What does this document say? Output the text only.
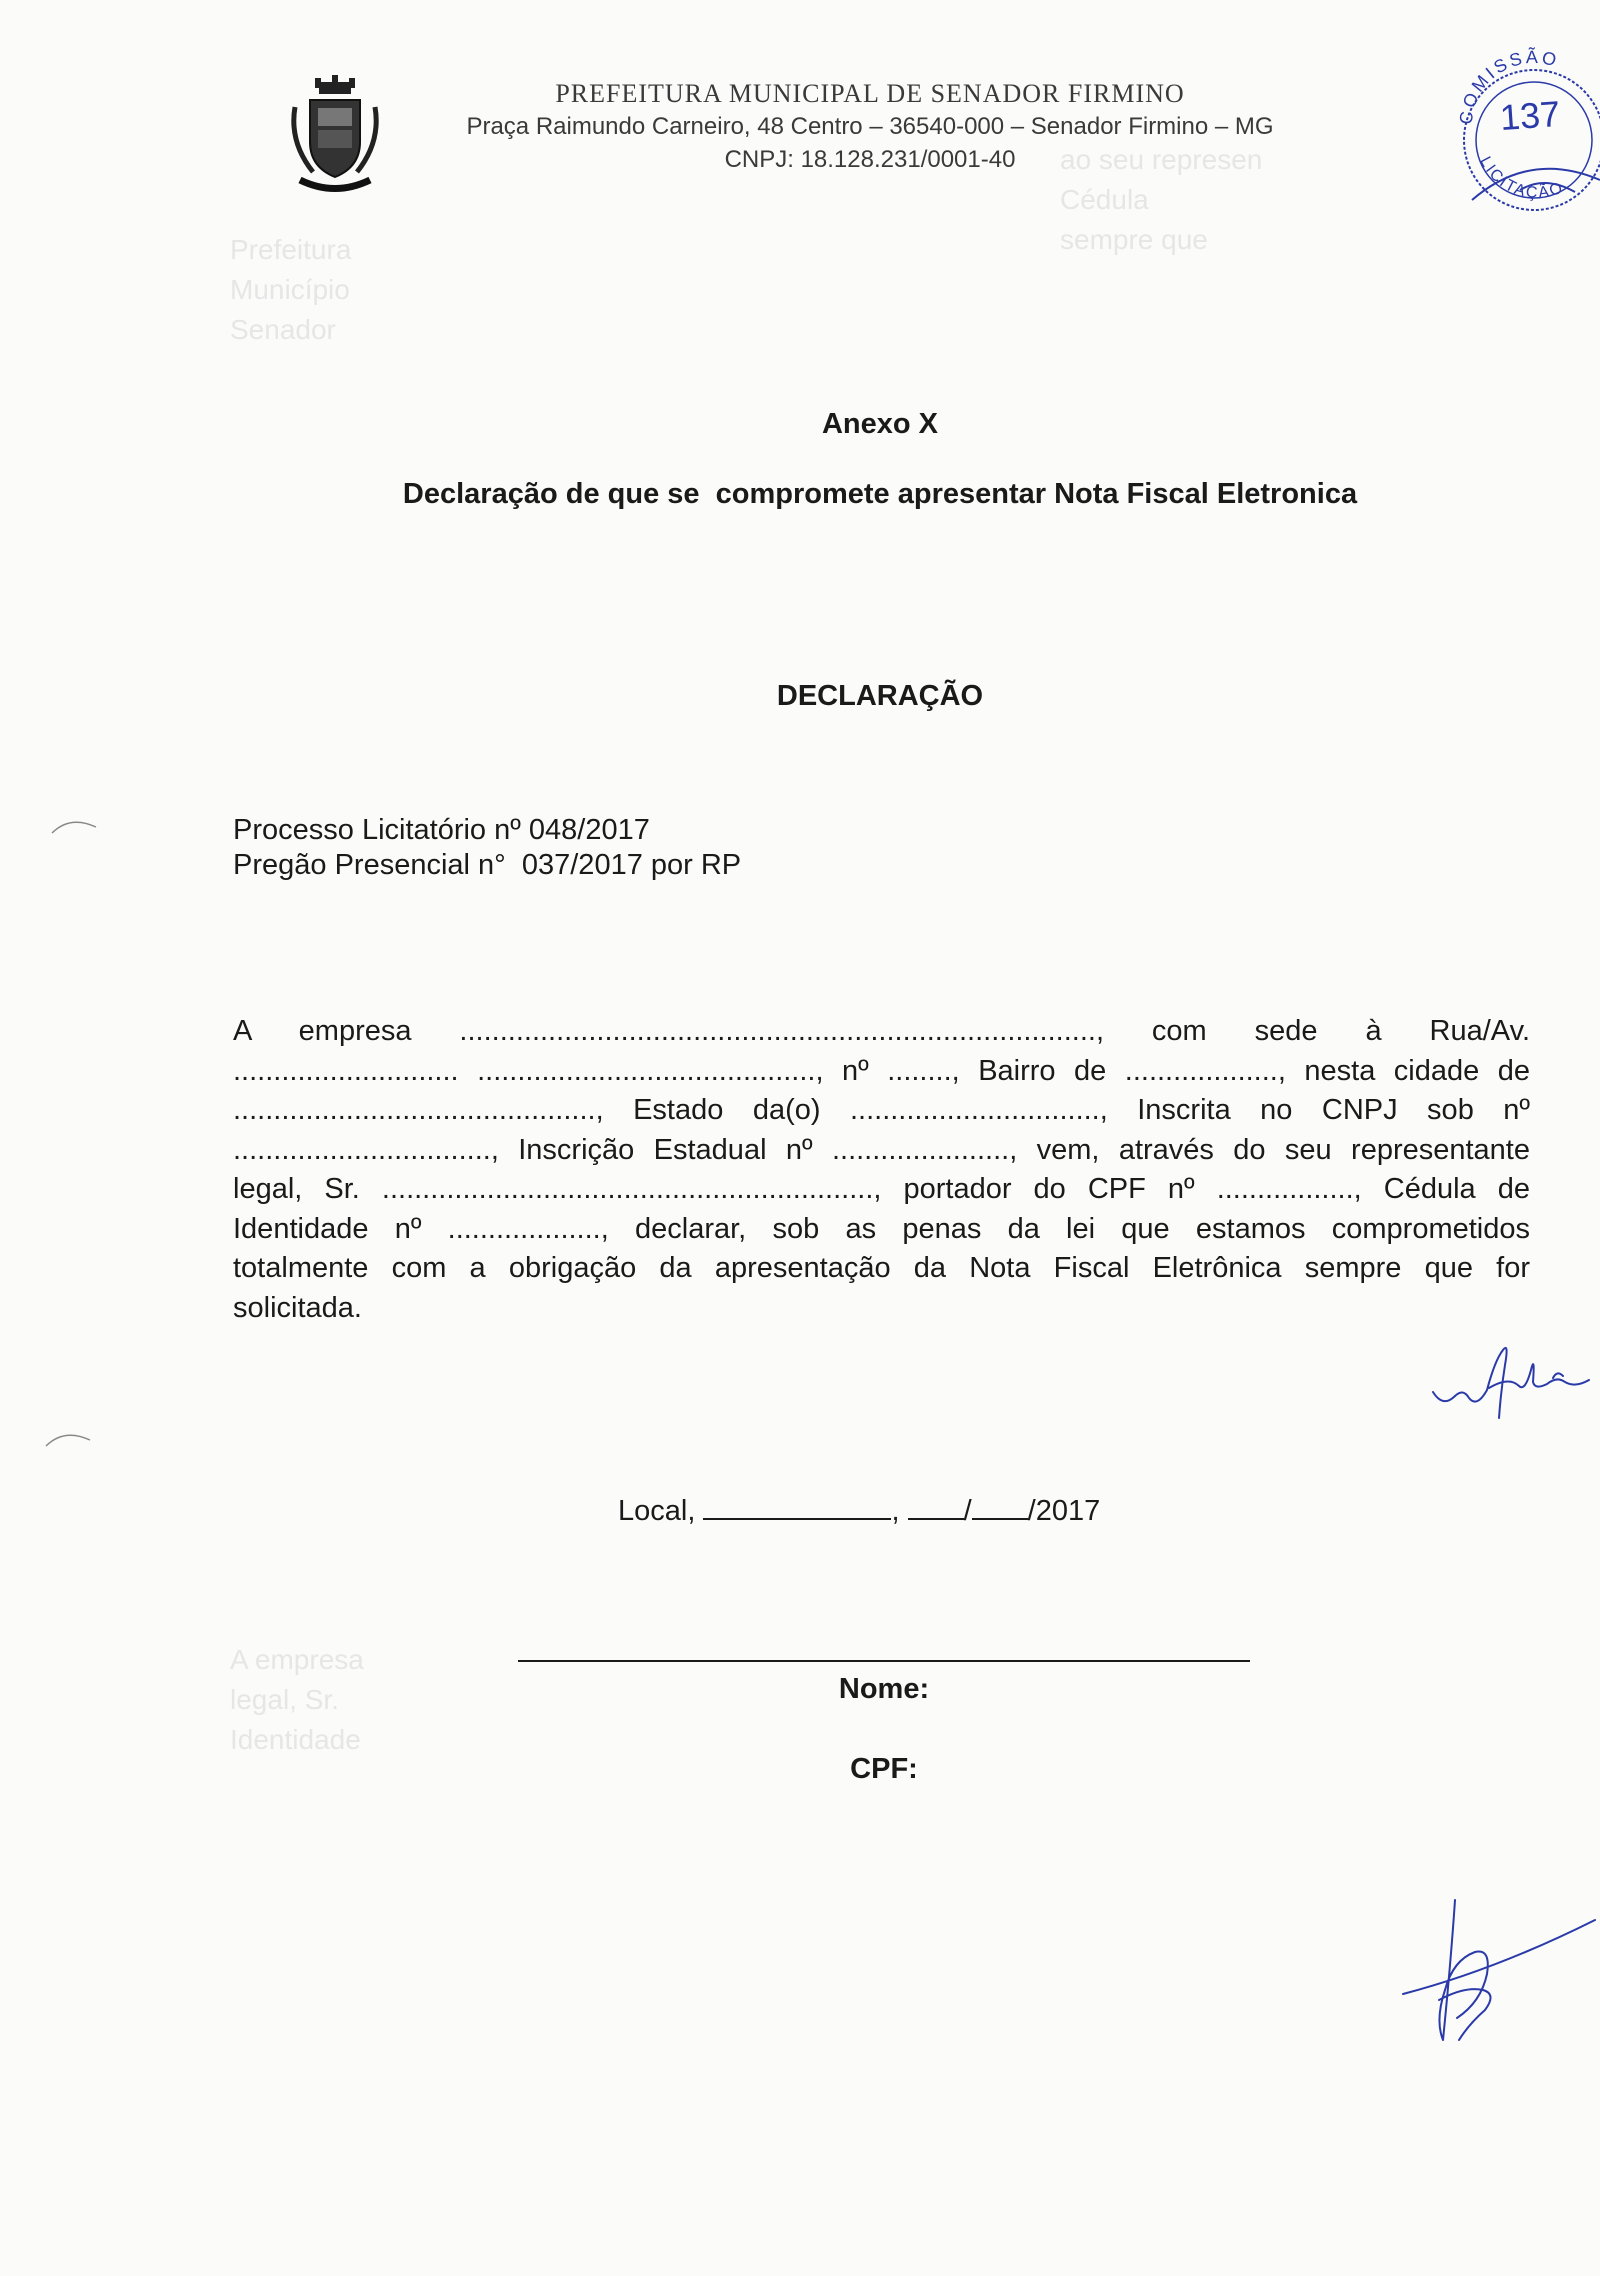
Prefeitura
Município
Senador
ao seu represen
Cédula
sempre que
A empresa
legal, Sr.
Identidade
PREFEITURA MUNICIPAL DE SENADOR FIRMINO
Praça Raimundo Carneiro, 48 Centro – 36540-000 – Senador Firmino – MG
CNPJ: 18.128.231/0001-40
COMISSÃO
LICITAÇÃO
137
Anexo X
Declaração de que se  compromete apresentar Nota Fiscal Eletronica
DECLARAÇÃO
Processo Licitatório nº 048/2017
Pregão Presencial n°  037/2017 por RP
A empresa ..............................................................................., com sede à Rua/Av.
............................ .........................................., nº ........, Bairro de ..................., nesta cidade de
............................................., Estado da(o) ..............................., Inscrita no CNPJ sob nº
................................, Inscrição Estadual nº ......................, vem, através do seu representante
legal, Sr. ............................................................., portador do CPF nº ................., Cédula de
Identidade nº ..................., declarar, sob as penas da lei que estamos comprometidos
totalmente com a obrigação da apresentação da Nota Fiscal Eletrônica sempre que for
solicitada.
Local,	, / /2017
Nome:
CPF:
